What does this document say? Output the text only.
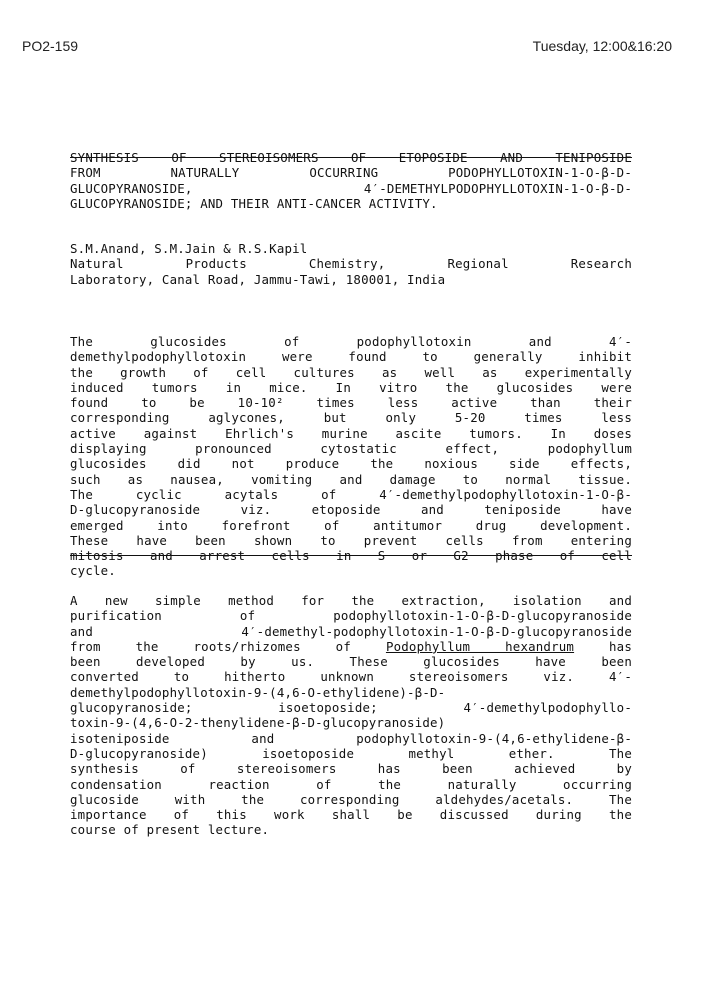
PO2-159	Tuesday, 12:00&16:20
SYNTHESIS OF STEREOISOMERS OF ETOPOSIDE AND TENIPOSIDE
FROM NATURALLY OCCURRING PODOPHYLLOTOXIN-1-O-β-D-
GLUCOPYRANOSIDE, 4′-DEMETHYLPODOPHYLLOTOXIN-1-O-β-D-
GLUCOPYRANOSIDE; AND THEIR ANTI-CANCER ACTIVITY.
S.M.Anand, S.M.Jain & R.S.Kapil
Natural Products Chemistry, Regional Research
Laboratory, Canal Road, Jammu-Tawi, 180001, India
The glucosides of podophyllotoxin and 4′-
demethylpodophyllotoxin were found to generally inhibit
the growth of cell cultures as well as experimentally
induced tumors in mice. In vitro the glucosides were
found to be 10-10² times less active than their
corresponding aglycones, but only 5-20 times less
active against Ehrlich's murine ascite tumors. In doses
displaying pronounced cytostatic effect, podophyllum
glucosides did not produce the noxious side effects,
such as nausea, vomiting and damage to normal tissue.
The cyclic acytals of 4′-demethylpodophyllotoxin-1-O-β-
D-glucopyranoside viz. etoposide and teniposide have
emerged into forefront of antitumor drug development.
These have been shown to prevent cells from entering
mitosis and arrest cells in S or G2 phase of cell
cycle.
A new simple method for the extraction, isolation and
purification of podophyllotoxin-1-O-β-D-glucopyranoside
and 4′-demethyl-podophyllotoxin-1-O-β-D-glucopyranoside
from the roots/rhizomes of Podophyllum hexandrum has
been developed by us. These glucosides have been
converted to hitherto unknown stereoisomers viz. 4′-
demethylpodophyllotoxin-9-(4,6-O-ethylidene)-β-D-
glucopyranoside; isoetoposide; 4′-demethylpodophyllo-
toxin-9-(4,6-O-2-thenylidene-β-D-glucopyranoside)
isoteniposide and podophyllotoxin-9-(4,6-ethylidene-β-
D-glucopyranoside) isoetoposide methyl ether. The
synthesis of stereoisomers has been achieved by
condensation reaction of the naturally occurring
glucoside with the corresponding aldehydes/acetals. The
importance of this work shall be discussed during the
course of present lecture.
